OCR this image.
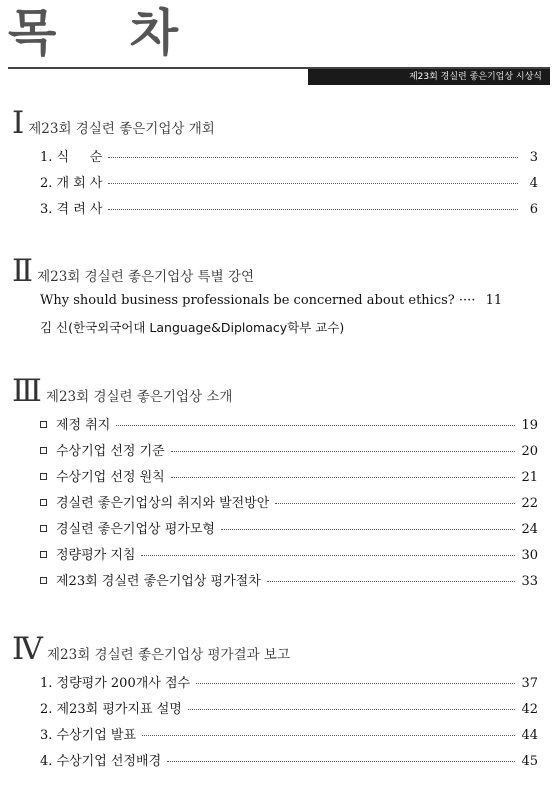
목 차
제23회 경실련 좋은기업상 시상식
Ⅰ 제23회 경실련 좋은기업상 개회
1. 식     순	3
2. 개 회 사	4
3. 격 려 사	6
Ⅱ 제23회 경실련 좋은기업상 특별 강연
Why should business professionals be concerned about ethics? ···· 11
김 신(한국외국어대 Language&Diplomacy학부 교수)
Ⅲ 제23회 경실련 좋은기업상 소개
제정 취지	19
수상기업 선정 기준	20
수상기업 선정 원칙	21
경실련 좋은기업상의 취지와 발전방안	22
경실련 좋은기업상 평가모형	24
정량평가 지침	30
제23회 경실련 좋은기업상 평가절차	33
Ⅳ 제23회 경실련 좋은기업상 평가결과 보고
1. 정량평가 200개사 점수	37
2. 제23회 평가지표 설명	42
3. 수상기업 발표	44
4. 수상기업 선정배경	45
